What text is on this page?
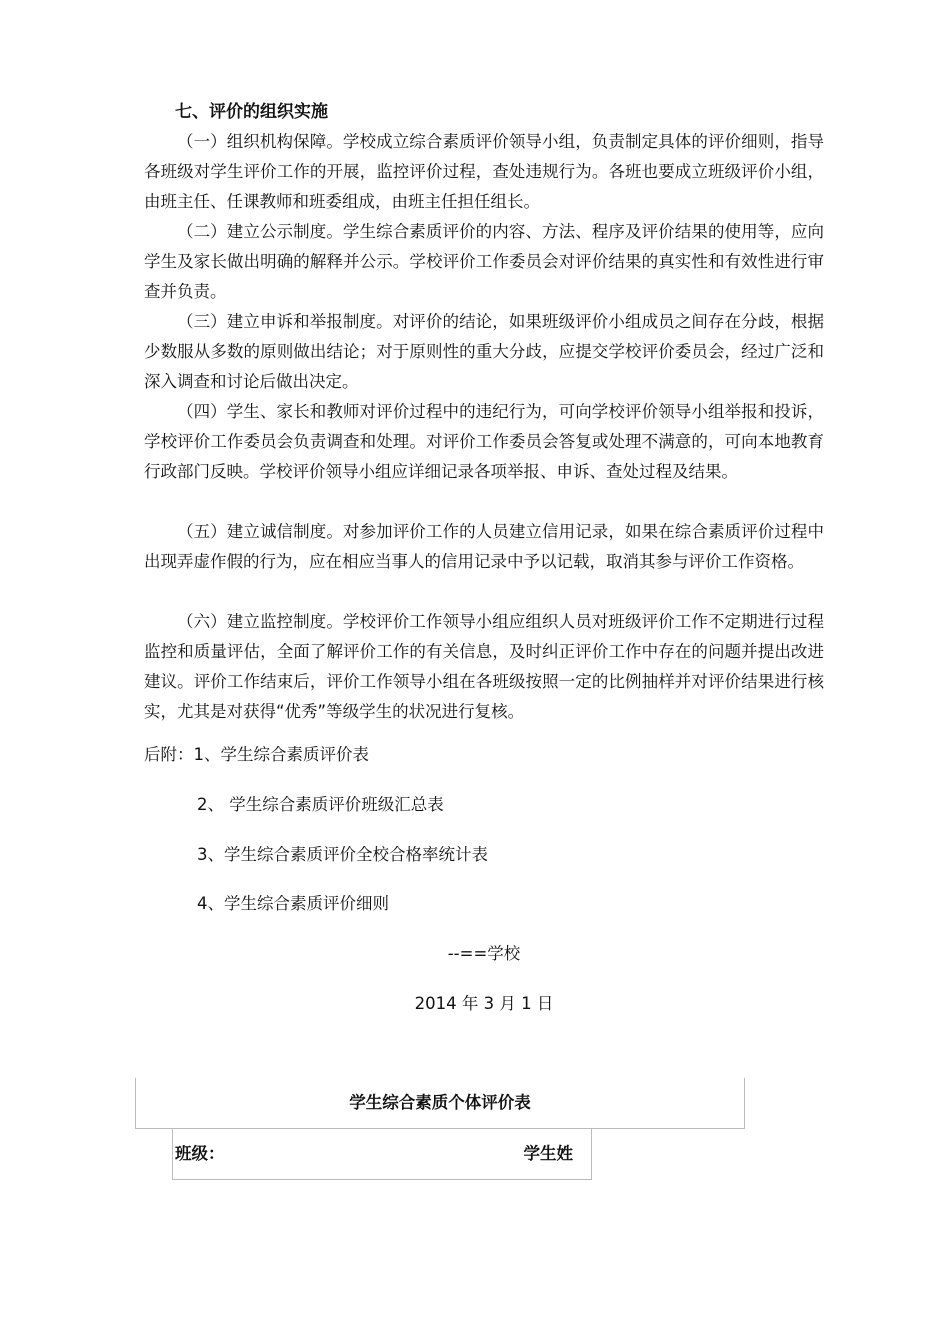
七、评价的组织实施

（一）组织机构保障。学校成立综合素质评价领导小组，负责制定具体的评价细则，指导各班级对学生评价工作的开展，监控评价过程，查处违规行为。各班也要成立班级评价小组，由班主任、任课教师和班委组成，由班主任担任组长。

（二）建立公示制度。学生综合素质评价的内容、方法、程序及评价结果的使用等，应向学生及家长做出明确的解释并公示。学校评价工作委员会对评价结果的真实性和有效性进行审查并负责。

（三）建立申诉和举报制度。对评价的结论，如果班级评价小组成员之间存在分歧，根据少数服从多数的原则做出结论；对于原则性的重大分歧，应提交学校评价委员会，经过广泛和深入调查和讨论后做出决定。

（四）学生、家长和教师对评价过程中的违纪行为，可向学校评价领导小组举报和投诉，学校评价工作委员会负责调查和处理。对评价工作委员会答复或处理不满意的，可向本地教育行政部门反映。学校评价领导小组应详细记录各项举报、申诉、查处过程及结果。

（五）建立诚信制度。对参加评价工作的人员建立信用记录，如果在综合素质评价过程中出现弄虚作假的行为，应在相应当事人的信用记录中予以记载，取消其参与评价工作资格。

（六）建立监控制度。学校评价工作领导小组应组织人员对班级评价工作不定期进行过程监控和质量评估，全面了解评价工作的有关信息，及时纠正评价工作中存在的问题并提出改进建议。评价工作结束后，评价工作领导小组在各班级按照一定的比例抽样并对评价结果进行核实，尤其是对获得“优秀”等级学生的状况进行复核。

后附：1、学生综合素质评价表

2、 学生综合素质评价班级汇总表

3、学生综合素质评价全校合格率统计表

4、学生综合素质评价细则

--==学校

2014 年 3 月 1 日

学生综合素质个体评价表

班级：	学生姓
